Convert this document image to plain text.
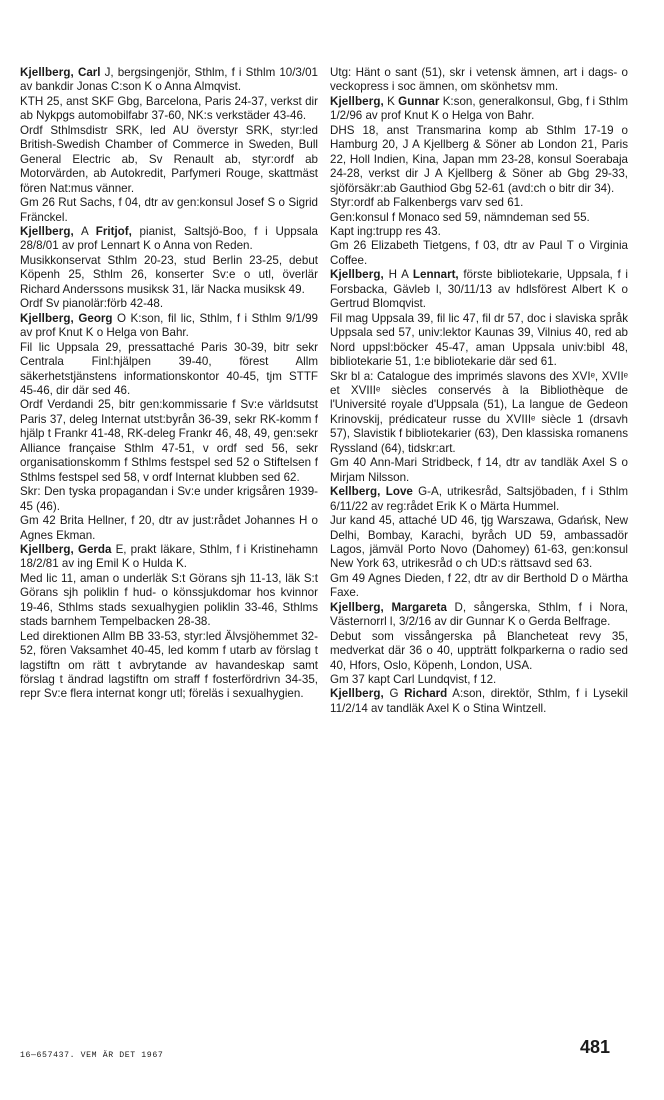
Kjellberg, Carl J, bergsingenjör, Sthlm, f i Sthlm 10/3/01 av bankdir Jonas C:son K o Anna Almqvist.

KTH 25, anst SKF Gbg, Barcelona, Paris 24-37, verkst dir ab Nykpgs automobilfabr 37-60, NK:s verkstäder 43-46.

Ordf Sthlmsdistr SRK, led AU överstyr SRK, styr:led British-Swedish Chamber of Commerce in Sweden, Bull General Electric ab, Sv Renault ab, styr:ordf ab Motorvärden, ab Autokredit, Parfymeri Rouge, skattmäst fören Nat:mus vänner.

Gm 26 Rut Sachs, f 04, dtr av gen:konsul Josef S o Sigrid Fränckel.

Kjellberg, A Fritjof, pianist, Saltsjö-Boo, f i Uppsala 28/8/01 av prof Lennart K o Anna von Reden.

Musikkonservat Sthlm 20-23, stud Berlin 23-25, debut Köpenh 25, Sthlm 26, konserter Sv:e o utl, överlär Richard Anderssons musiksk 31, lär Nacka musiksk 49.

Ordf Sv pianolär:förb 42-48.

Kjellberg, Georg O K:son, fil lic, Sthlm, f i Sthlm 9/1/99 av prof Knut K o Helga von Bahr.

Fil lic Uppsala 29, pressattaché Paris 30-39, bitr sekr Centrala Finl:hjälpen 39-40, förest Allm säkerhetstjänstens informationskontor 40-45, tjm STTF 45-46, dir där sed 46.

Ordf Verdandi 25, bitr gen:kommissarie f Sv:e världsutst Paris 37, deleg Internat utst:byrån 36-39, sekr RK-komm f hjälp t Frankr 41-48, RK-deleg Frankr 46, 48, 49, gen:sekr Alliance française Sthlm 47-51, v ordf sed 56, sekr organisationskomm f Sthlms festspel sed 52 o Stiftelsen f Sthlms festspel sed 58, v ordf Internat klubben sed 62.

Skr: Den tyska propagandan i Sv:e under krigsåren 1939-45 (46).

Gm 42 Brita Hellner, f 20, dtr av just:rådet Johannes H o Agnes Ekman.

Kjellberg, Gerda E, prakt läkare, Sthlm, f i Kristinehamn 18/2/81 av ing Emil K o Hulda K.

Med lic 11, aman o underläk S:t Görans sjh 11-13, läk S:t Görans sjh poliklin f hud- o könssjukdomar hos kvinnor 19-46, Sthlms stads sexualhygien poliklin 33-46, Sthlms stads barnhem Tempelbacken 28-38.

Led direktionen Allm BB 33-53, styr:led Älvsjöhemmet 32-52, fören Vaksamhet 40-45, led komm f utarb av förslag t lagstiftn om rätt t avbrytande av havandeskap samt förslag t ändrad lagstiftn om straff f fosterfördrivn 34-35, repr Sv:e flera internat kongr utl; föreläs i sexualhygien.

Utg: Hänt o sant (51), skr i vetensk ämnen, art i dags- o veckopress i soc ämnen, om skönhetsv mm.

Kjellberg, K Gunnar K:son, generalkonsul, Gbg, f i Sthlm 1/2/96 av prof Knut K o Helga von Bahr.

DHS 18, anst Transmarina komp ab Sthlm 17-19 o Hamburg 20, J A Kjellberg & Söner ab London 21, Paris 22, Holl Indien, Kina, Japan mm 23-28, konsul Soerabaja 24-28, verkst dir J A Kjellberg & Söner ab Gbg 29-33, sjöförsäkr:ab Gauthiod Gbg 52-61 (avd:ch o bitr dir 34).

Styr:ordf ab Falkenbergs varv sed 61.

Gen:konsul f Monaco sed 59, nämndeman sed 55.

Kapt ing:trupp res 43.

Gm 26 Elizabeth Tietgens, f 03, dtr av Paul T o Virginia Coffee.

Kjellberg, H A Lennart, förste bibliotekarie, Uppsala, f i Forsbacka, Gävleb l, 30/11/13 av hdlsförest Albert K o Gertrud Blomqvist.

Fil mag Uppsala 39, fil lic 47, fil dr 57, doc i slaviska språk Uppsala sed 57, univ:lektor Kaunas 39, Vilnius 40, red ab Nord uppsl:böcker 45-47, aman Uppsala univ:bibl 48, bibliotekarie 51, 1:e bibliotekarie där sed 61.

Skr bl a: Catalogue des imprimés slavons des XVIᵉ, XVIIᵉ et XVIIIᵉ siècles conservés à la Bibliothèque de l'Université royale d'Uppsala (51), La langue de Gedeon Krinovskij, prédicateur russe du XVIIIᵉ siècle 1 (drsavh 57), Slavistik f bibliotekarier (63), Den klassiska romanens Ryssland (64), tidskr:art.

Gm 40 Ann-Mari Stridbeck, f 14, dtr av tandläk Axel S o Mirjam Nilsson.

Kellberg, Love G-A, utrikesråd, Saltsjöbaden, f i Sthlm 6/11/22 av reg:rådet Erik K o Märta Hummel.

Jur kand 45, attaché UD 46, tjg Warszawa, Gdańsk, New Delhi, Bombay, Karachi, byråch UD 59, ambassadör Lagos, jämväl Porto Novo (Dahomey) 61-63, gen:konsul New York 63, utrikesråd o ch UD:s rättsavd sed 63.

Gm 49 Agnes Dieden, f 22, dtr av dir Berthold D o Märtha Faxe.

Kjellberg, Margareta D, sångerska, Sthlm, f i Nora, Västernorrl l, 3/2/16 av dir Gunnar K o Gerda Belfrage.

Debut som vissångerska på Blancheteat revy 35, medverkat där 36 o 40, uppträtt folkparkerna o radio sed 40, Hfors, Oslo, Köpenh, London, USA.

Gm 37 kapt Carl Lundqvist, f 12.

Kjellberg, G Richard A:son, direktör, Sthlm, f i Lysekil 11/2/14 av tandläk Axel K o Stina Wintzell.

16—657437. VEM ÄR DET 1967	481
